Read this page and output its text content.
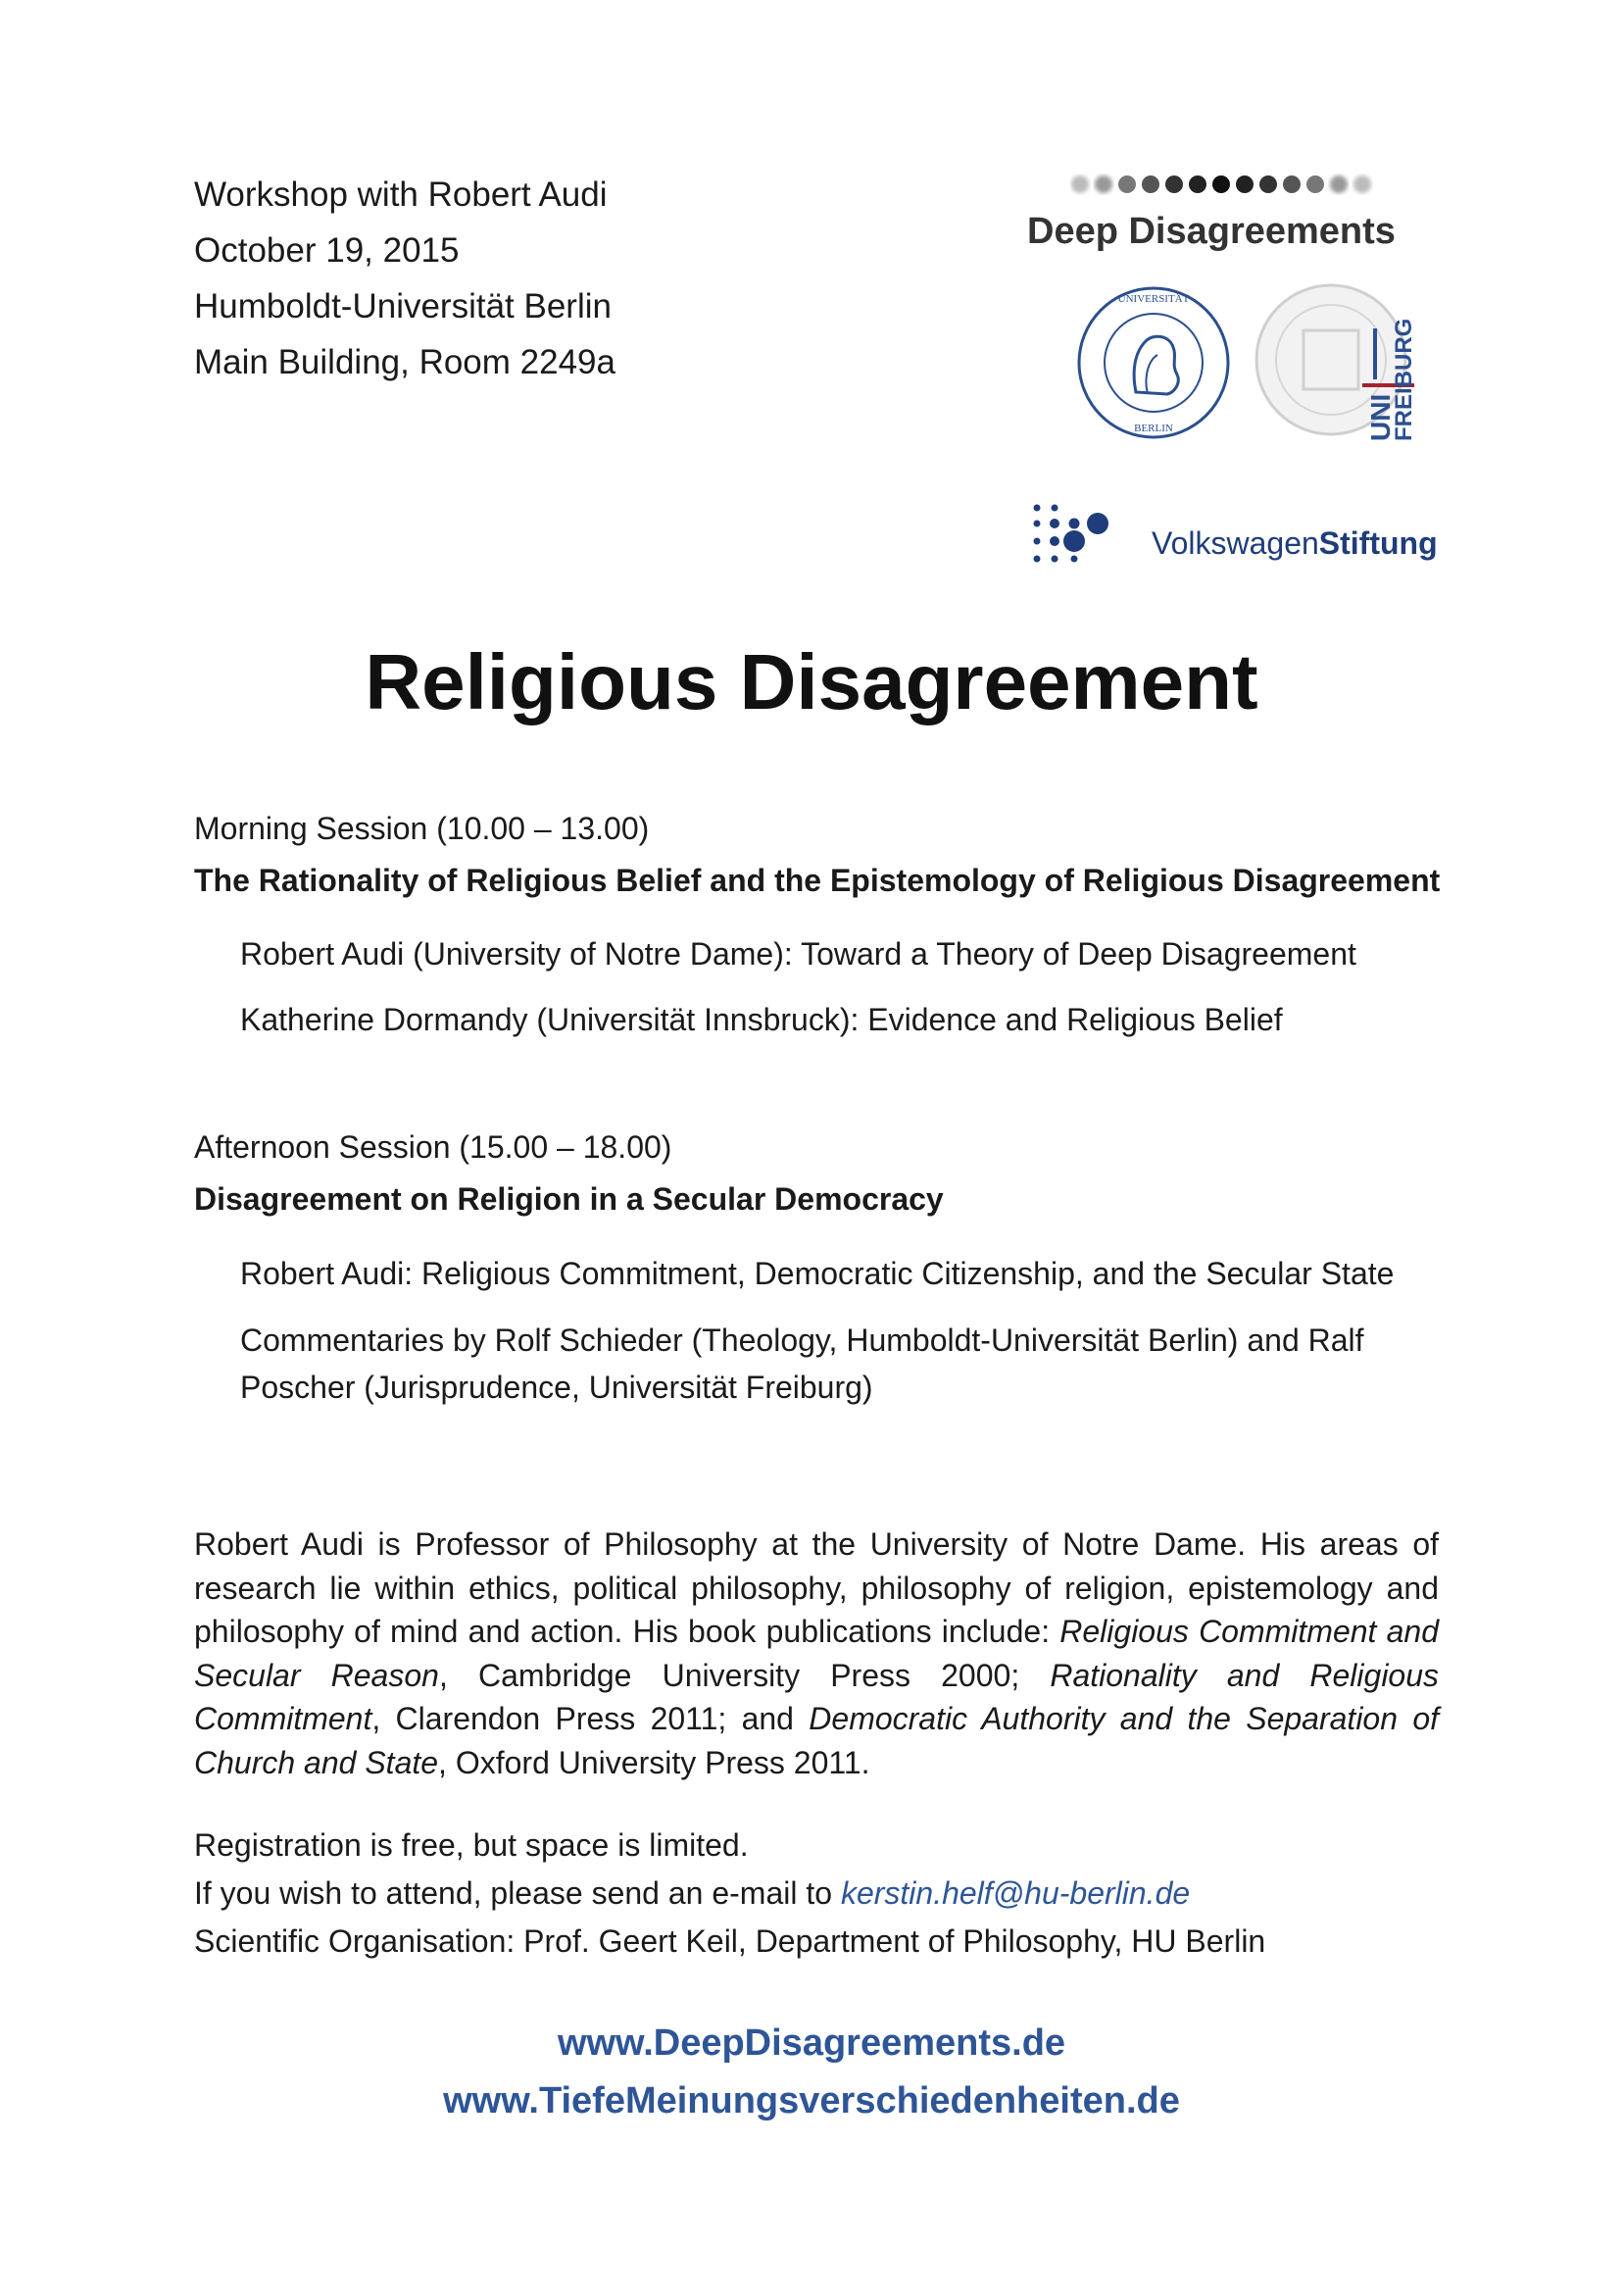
Workshop with Robert Audi
October 19, 2015
Humboldt-Universität Berlin
Main Building, Room 2249a
Deep Disagreements
UNIVERSITÄT
BERLIN	UNI
FREIBURG
VolkswagenStiftung
Religious Disagreement
Morning Session (10.00 – 13.00)
The Rationality of Religious Belief and the Epistemology of Religious Disagreement
Robert Audi (University of Notre Dame): Toward a Theory of Deep Disagreement
Katherine Dormandy (Universität Innsbruck): Evidence and Religious Belief
Afternoon Session (15.00 – 18.00)
Disagreement on Religion in a Secular Democracy
Robert Audi: Religious Commitment, Democratic Citizenship, and the Secular State
Commentaries by Rolf Schieder (Theology, Humboldt-Universität Berlin) and Ralf
Poscher (Jurisprudence, Universität Freiburg)
Robert Audi is Professor of Philosophy at the University of Notre Dame. His areas of research lie within ethics, political philosophy, philosophy of religion, epistemology and philosophy of mind and action. His book publications include: Religious Commitment and Secular Reason, Cambridge University Press 2000; Rationality and Religious Commitment, Clarendon Press 2011; and Democratic Authority and the Separation of Church and State, Oxford University Press 2011.
Registration is free, but space is limited.
If you wish to attend, please send an e-mail to kerstin.helf@hu-berlin.de
Scientific Organisation: Prof. Geert Keil, Department of Philosophy, HU Berlin
www.DeepDisagreements.de
www.TiefeMeinungsverschiedenheiten.de
